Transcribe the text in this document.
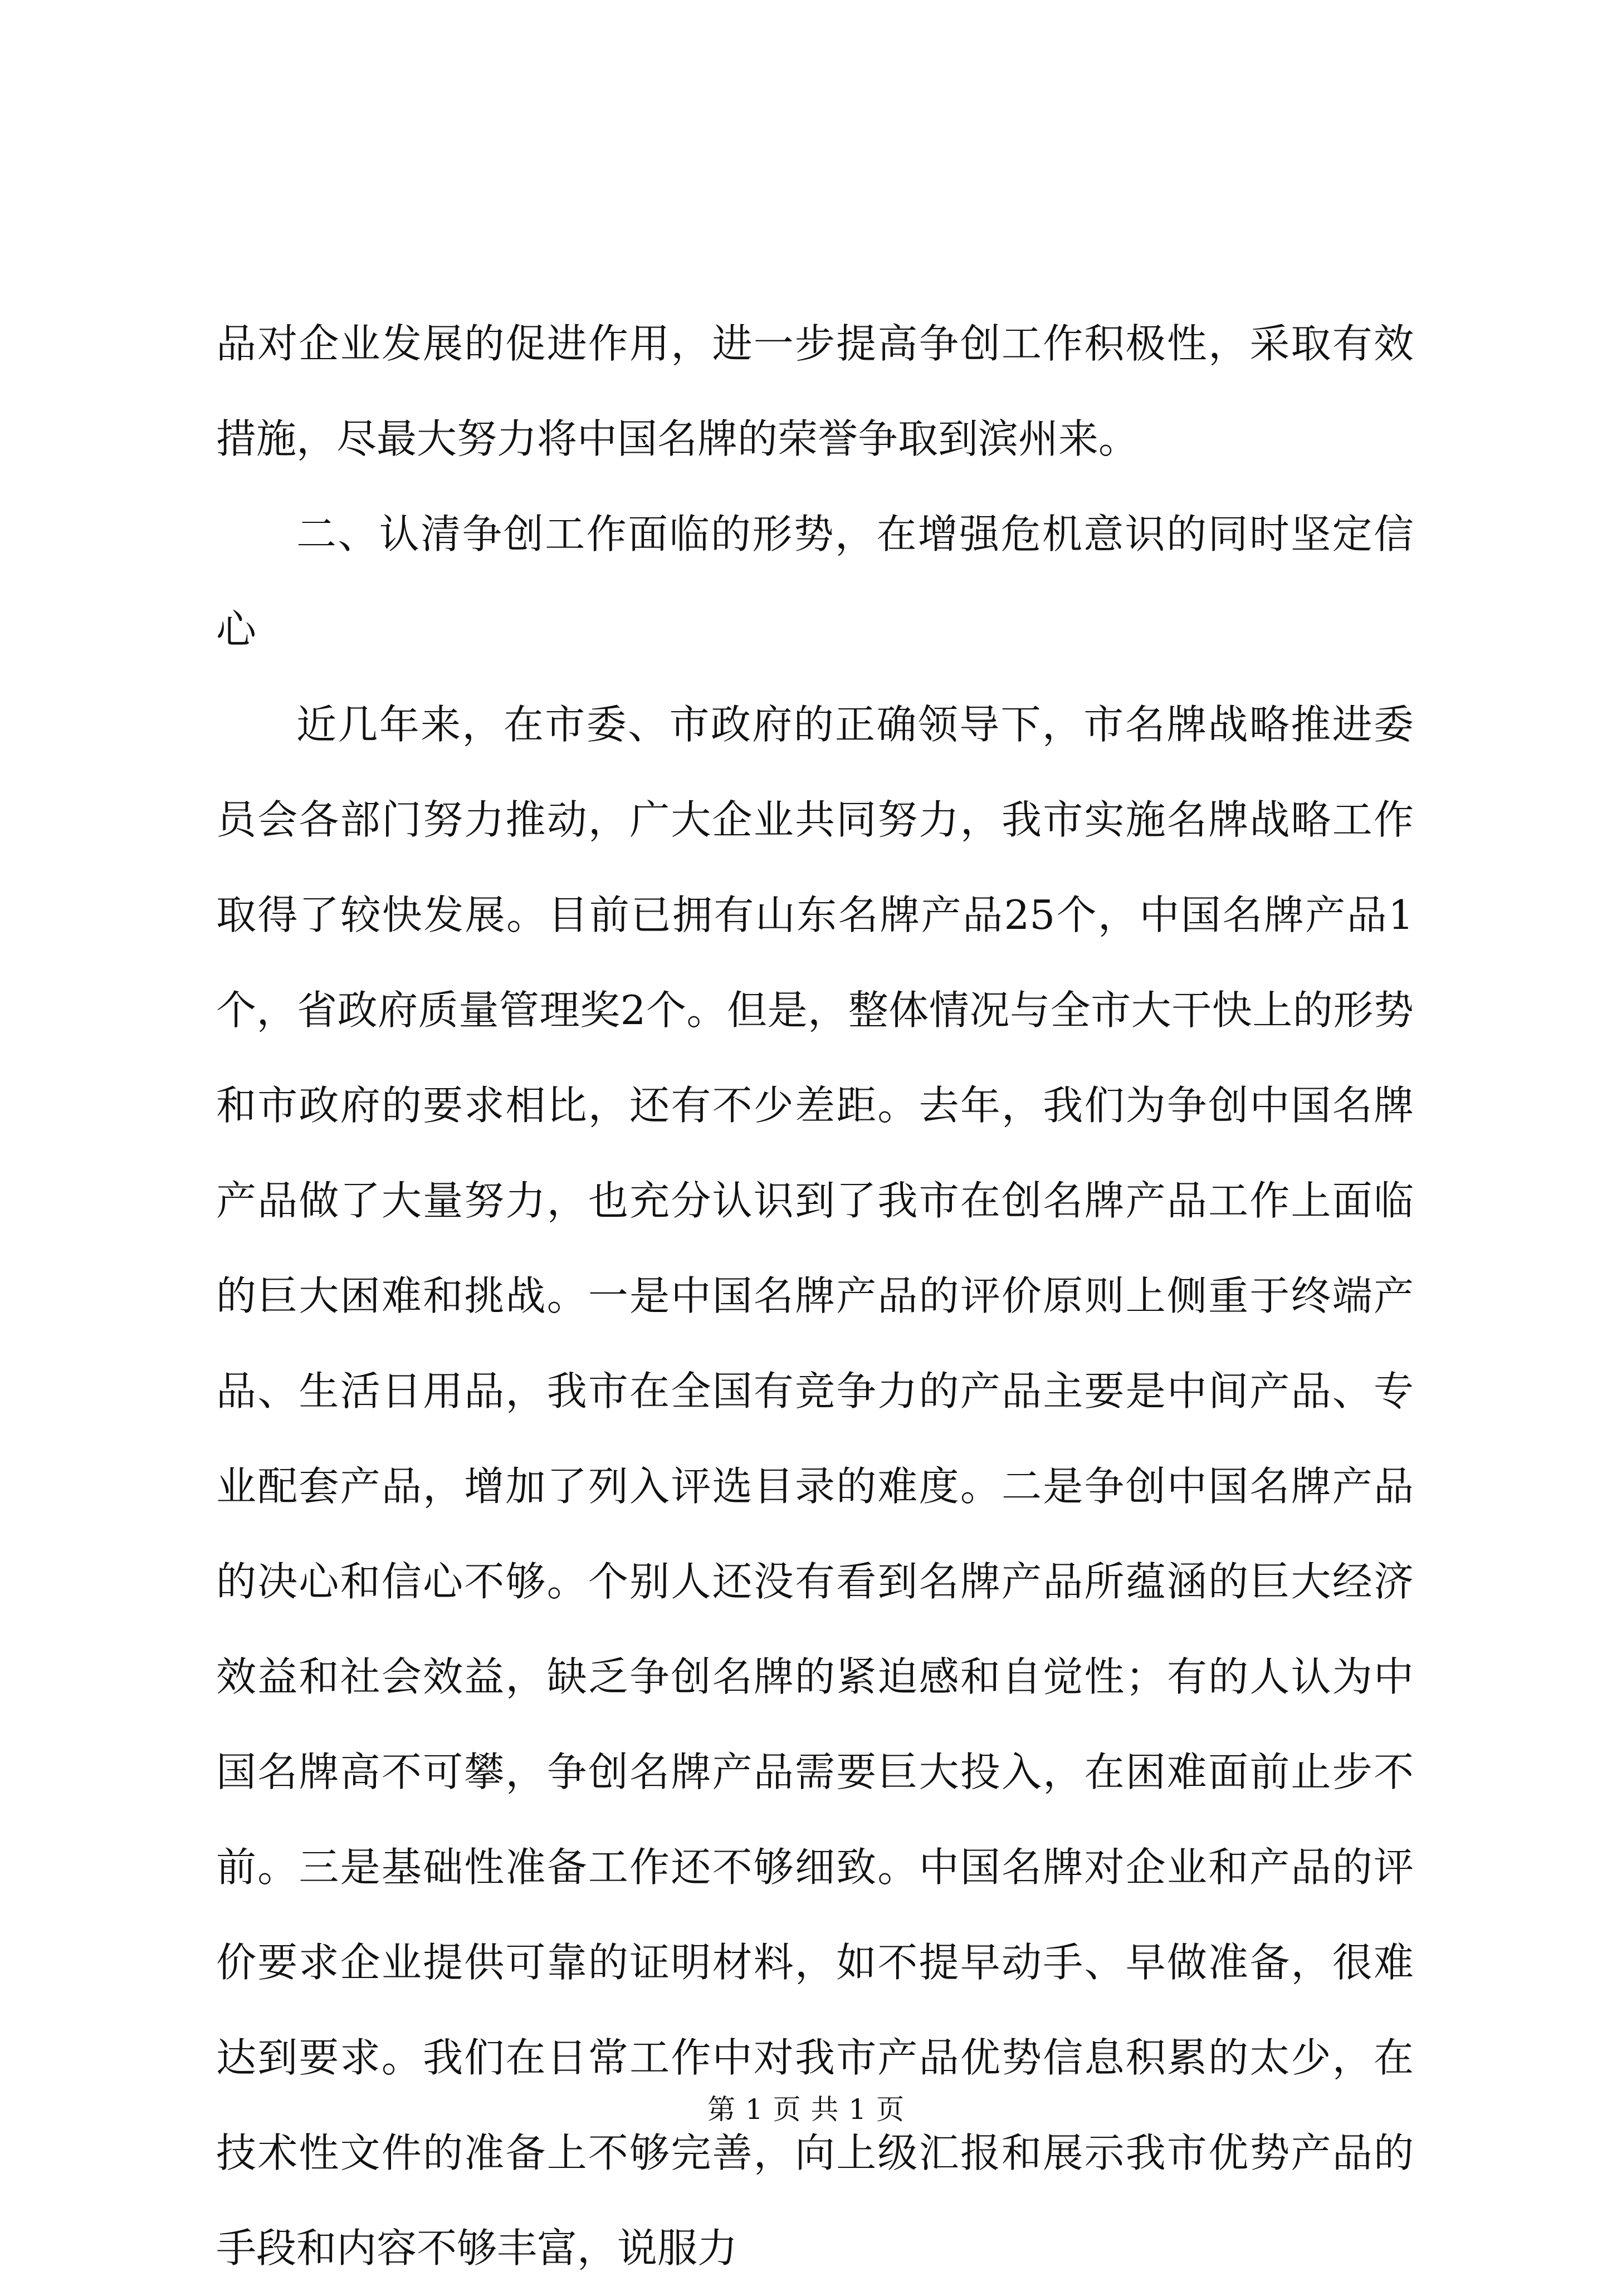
品对企业发展的促进作用，进一步提高争创工作积极性，采取有效措施，尽最大努力将中国名牌的荣誉争取到滨州来。

二、认清争创工作面临的形势，在增强危机意识的同时坚定信心

近几年来，在市委、市政府的正确领导下，市名牌战略推进委员会各部门努力推动，广大企业共同努力，我市实施名牌战略工作取得了较快发展。目前已拥有山东名牌产品25个，中国名牌产品1个，省政府质量管理奖2个。但是，整体情况与全市大干快上的形势和市政府的要求相比，还有不少差距。去年，我们为争创中国名牌产品做了大量努力，也充分认识到了我市在创名牌产品工作上面临的巨大困难和挑战。一是中国名牌产品的评价原则上侧重于终端产品、生活日用品，我市在全国有竞争力的产品主要是中间产品、专业配套产品，增加了列入评选目录的难度。二是争创中国名牌产品的决心和信心不够。个别人还没有看到名牌产品所蕴涵的巨大经济效益和社会效益，缺乏争创名牌的紧迫感和自觉性；有的人认为中国名牌高不可攀，争创名牌产品需要巨大投入，在困难面前止步不前。三是基础性准备工作还不够细致。中国名牌对企业和产品的评价要求企业提供可靠的证明材料，如不提早动手、早做准备，很难达到要求。我们在日常工作中对我市产品优势信息积累的太少，在技术性文件的准备上不够完善，向上级汇报和展示我市优势产品的手段和内容不够丰富，说服力

第 1 页 共 1 页
